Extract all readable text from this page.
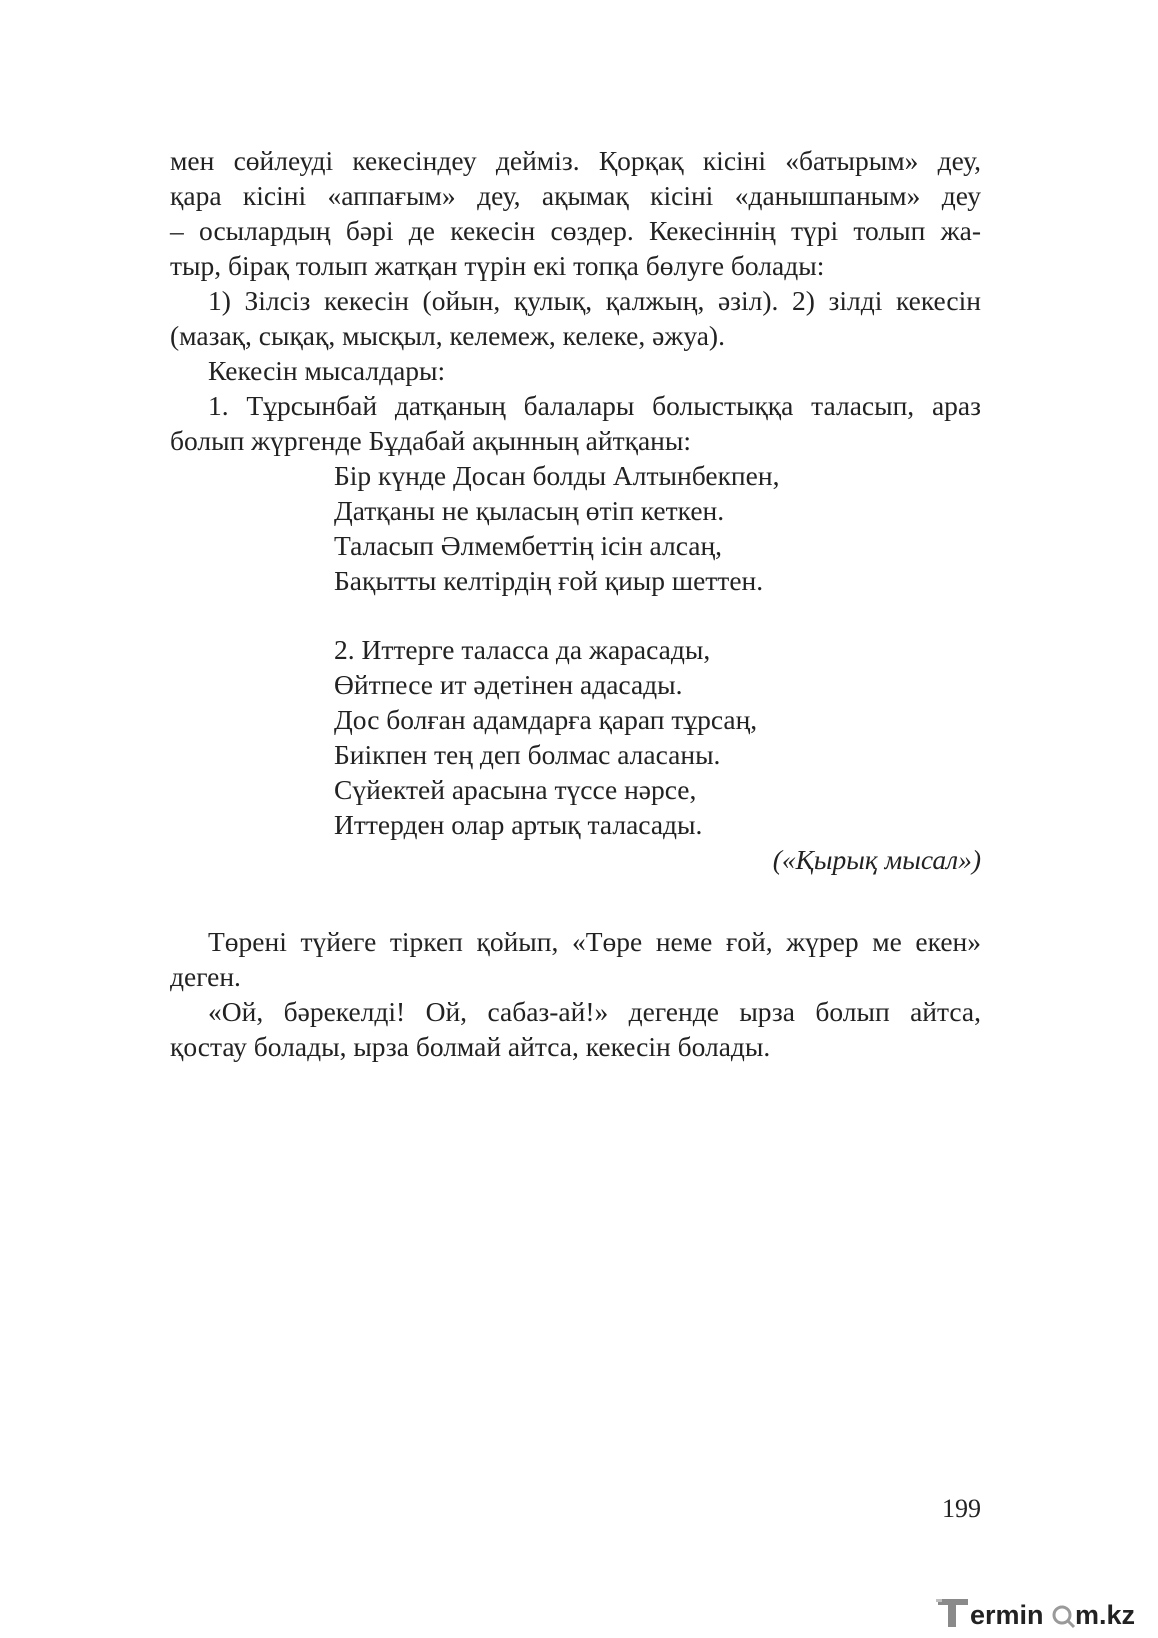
мен сөйлеуді кекесіндеу дейміз. Қорқақ кісіні «батырым» деу,
қара кісіні «аппағым» деу, ақымақ кісіні «данышпаным» деу
– осылардың бәрі де кекесін сөздер. Кекесіннің түрі толып жа-
тыр, бірақ толып жатқан түрін екі топқа бөлуге болады:
1) Зілсіз кекесін (ойын, қулық, қалжың, әзіл). 2) зілді кекесін
(мазақ, сықақ, мысқыл, келемеж, келеке, әжуа).
Кекесін мысалдары:
1. Тұрсынбай датқаның балалары болыстыққа таласып, араз
болып жүргенде Бұдабай ақынның айтқаны:
Бір күнде Досан болды Алтынбекпен,
Датқаны не қыласың өтіп кеткен.
Таласып Әлмембеттің ісін алсаң,
Бақытты келтірдің ғой қиыр шеттен.
2. Иттерге таласса да жарасады,
Өйтпесе ит әдетінен адасады.
Дос болған адамдарға қарап тұрсаң,
Биікпен тең деп болмас аласаны.
Сүйектей арасына түссе нәрсе,
Иттерден олар артық таласады.
(«Қырық мысал»)
Төрені түйеге тіркеп қойып, «Төре неме ғой, жүрер ме екен»
деген.
«Ой, бәрекелді! Ой, сабаз-ай!» дегенде ырза болып айтса,
қостау болады, ырза болмай айтса, кекесін болады.
199
ermin m.kz
